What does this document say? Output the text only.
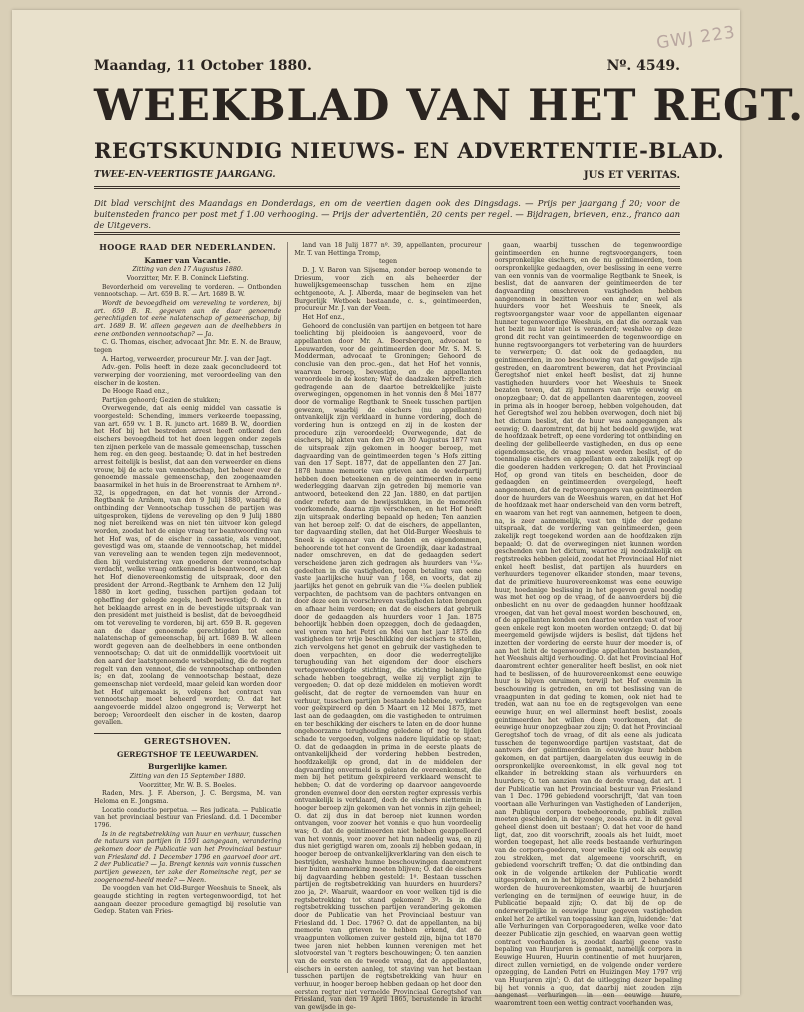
GWJ 223
Maandag, 11 October 1880.	Nº. 4549.
WEEKBLAD VAN HET REGT.
REGTSKUNDIG NIEUWS- EN ADVERTENTIE-BLAD.
TWEE-EN-VEERTIGSTE JAARGANG.	JUS ET VERITAS.
Dit blad verschijnt des Maandags en Donderdags, en om de veertien dagen ook des Dingsdags. — Prijs per jaargang ƒ 20; voor de buitensteden franco per post met ƒ 1.00 verhooging. — Prijs der advertentiën, 20 cents per regel. — Bijdragen, brieven, enz., franco aan de Uitgevers.
HOOGE RAAD DER NEDERLANDEN.
Kamer van Vacantie.

Zitting van den 17 Augustus 1880.

Voorzitter, Mr. F. B. Coninck Liefsting.

Bevorderheid om vereveling te vorderen. — Ontbonden vennootschap. — Art. 659 B. R. — Art. 1689 B. W.

Wordt de bevoegdheid om vereveling te vorderen, bij art. 659 B. R. gegeven aan de daar genoemde gerechtigden tot eene nalatenschap of gemeenschap, bij art. 1689 B. W. alleen gegeven aan de deelhebbers in eene ontbonden vennootschap? — Ja.

C. G. Thomas, eischer, advocaat Jhr. Mr. E. N. de Brauw, tegen

A. Hartog, verweerder, procureur Mr. J. van der Jagt.

Adv.-gen. Polis heeft in deze zaak geconcludeerd tot verwerping der voorziening, met veroordeeling van den eischer in de kosten.

De Hooge Raad enz.,

Partijen gehoord; Gezien de stukken;

Overwegende, dat als eenig middel van cassatie is voorgesteld: Schending, immers verkeerde toepassing, van art. 659 vv. 1 B. R. juncto art. 1689 B. W., doordien het Hof bij het bestreden arrest heeft ontkend den eischers bevoegdheid tot het doen leggen onder zegels ten zijnen perkele van de massale gemeenschap, tusschen hem reg. en den geeg. bestaande; O. dat in het bestreden arrest feitelijk is beslist, dat aan den verweerder en diens vrouw, bij de acte van vennootschap, het beheer over de genoemde massale gemeenschap, den zoogenaamden baasarmikel in het huis in de Broerenstraat te Arnhem nº. 32, is opgedragen, en dat het vonnis der Arrond.-Regtbank te Arnhem, van den 9 Julij 1880, waarbij de ontbinding der Vennootschap tusschen de partijen was uitgesproken, tijdens de vereveling op den 9 Julij 1880 nog niet bereikend was en niet ten uitvoer kon gelegd worden, zoodat het de enige vraag ter beantwoording van het Hof was, of de eischer in cassatie, als vennoot, gevestigd was om, staande de vennootschap, het middel van vereveling aan te wenden tegen zijn medevennoot, dien bij verduistering van goederen der vennootschap verdacht, welke vraag ontkennend is beantwoord, en dat het Hof dienovereenkomstig de uitspraak, door den president der Arrond.-Regtbank te Arnhem den 12 Julij 1880 in kort geding, tusschen partijen gedaan tot opheffing der gelegde zegels, heeft bevestigd; O. dat in het beklaagde arrest en in de bevestigde uitspraak van den president met juistheid is beslist, dat de bevoegdheid om tot vereveling te vorderen, bij art. 659 B. R. gegeven aan de daar genoemde gerechtigden tot eene nalatenschap of gemeenschap, bij art. 1689 B. W. alleen wordt gegeven aan de deelhebbers in eene ontbonden vennootschap; O. dat uit de onmiddellijk voortvloeit uit den aard der laatstgenoemde wetsbepaling, die de regten regelt van den vennoot, die de vennootschap ontbonden is; en dat, zoolang de vennootschap bestaat, deze gemeenschap niet verdeeld, maar geleid kan worden door het Hof uitgemaakt is, volgens het contract van vennootschap moet beheerd worden; O. dat het aangevoerde middel alzoo ongegrond is; Verwerpt het beroep; Veroordeelt den eischer in de kosten, daarop gevallen.

GEREGTSHOVEN.
GEREGTSHOF TE LEEUWARDEN.
Burgerlijke kamer.

Zitting van den 15 September 1880.

Voorzitter, Mr. W. B. S. Boeles.

Raden, Mrs. J. F. Aberson, J. C. Bergsma, M. van Heloma en E. Jongsma.

Locatio conductio perpetua. — Res judicata. — Publicatie van het provinciaal bestuur van Friesland. d.d. 1 December 1796.

Is in de regtsbetrekking van huur en verhuur, tusschen de natuurs van partijen in 1591 aangegaan, verandering gekomen door de Publicatie van het Provinciaal bestuur van Friesland dd. 1 December 1796 en gaarvoel door art. 2 der Publicatie? — Ja. Brengt kennis van vonnis tusschen partijen gewezen, ter zake der Romeinsche regt, per se zoogenoemd-heeld mede? — Neen.

De voogden van het Old-Burger Weeshuis te Sneek, als geaugde stichting in regten vertegenwoordigd, tot het aangaan deezer procedure gemagtigd bij resolutie van Gedep. Staten van Fries-

land van 18 Julij 1877 nº. 39, appellanten, procureur Mr. T. van Hettinga Tromp,

tegen

D. J. V. Baron van Sijsema, zonder beroep wonende te Driesum, voor zich en als beheerder der huwelijksgemeenschap tusschen hem en zijne echtgenoote, A. J. Alberda, maar de beginselen van het Burgerlijk Wetboek bestaande, c. s., geintimeerden, procureur Mr. J. van der Veen.

Het Hof enz.,

Gehoord de conclusiën van partijen en betgeen tot hare toelichting bij pleidooien is aangevoerd, voor de appellanten door Mr. A. Boersbergen, advocaat te Leeuwarden, voor de geintimeerden door Mr. S. M. S. Modderman, advocaat te Groningen; Gehoord de conclusie van den proc.-gen., dat het Hof het vonnis, waarvan beroep, bevestige, en de appellanten veroordeele in de kosten; Wat de daadzaken betreft: zich gedragende aan de daartoe betrekkelijke juiste overwegingen, opgenomen in het vonnis den 8 Mei 1877 door de vormalige Regtbank te Sneek tusschen partijen gewezen, waarbij de eischers (nu appellanten) ontvankelijk zijn verklaard in hunne vordering, doch de vordering hun is ontzegd en zij in de kosten der procedure zijn veroordeeld; Overwegende, dat de eischers, bij akten van den 29 en 30 Augustus 1877 van de uitspraak zijn gekomen in hooger beroep, met dagvaarding van de geintimeerden tegen 's Hofs zitting van den 17 Sept. 1877, dat de appellanten den 27 Jan. 1878 hunne memorie van grieven aan de wederpartij hebben doen beteekenen en de geintimeerden in eene wederlegging daarvan zijn getreden bij memorie van antwoord, beteekend den 22 Jan. 1880, en dat partijen onder referte aan de bewijsstukken, in de memoriën voorkomende, daarna zijn verschenen, en het Hof heeft zijn uitspraak onderling bepaald op heden; Ten aanzien van het beroep zelf: O. dat de eischers, de appellanten, ter dagvaarding stellen, dat het Old-Burger Weeshuis te Sneek is eigenaar van de landen en eigendommen, behoorende tot het convent de Groendijk, daar kadastraal nader omschreven, en dat de gedaagden sedert verscheidene jaren zich gedragen als huurders van ¹⁷⁄₄₀ gedeelten in die vastigheden, tegen betaling van eene vaste jaarlijksche huur van ƒ 168, en voorts, dat zij jaarlijks het genot en gebruik van die ¹⁷⁄₄₀ deelen publiek verpachten, de pachtsom van de pachters ontvangen en door deze een in voorschreven vastigheden laten brengen en afhaar heim verdoen; en dat de eischers dat gebruik door de gedaagden als huurders voor 1 Jan. 1875 behoorlijk hebben doen opzeggen, doch de gedaagden, wel voren van het Petri en Mei van het jaar 1875 die vastigheden ter vrije beschikking der eischers te stellen, zich vervolgens het genot en gebruik der vastigheden te doen verpachten, en door die wederregtelijke terughouding van het eigendom der door eischers vertegenwoordigde stichting, die stichting belangrijke schade hebben toegebragt, welke zij verpligt zijn te vergoeden; O. dat op deze middelen en motieven wordt geëischt, dat de regter de vernoemden van huur en verhuur, tusschen partijen bestaande hebbende, verklare voor geëxpireerd op den 5 Maart en 12 Mei 1875, met last aan de gedaagden, om die vastigheden te ontruimen en ter beschikking der eischers te laten en de door hunne ongehoorzame terughouding geledene of nog te lijden schade te vergoeden, volgens nadere liquidatie op staat; O. dat de gedaagden in prima in de eerste plaats de ontvankelijkheid der vordering hebben bestreden, hoofdzakelijk op grond, dat in de middelen der dagvaarding onvermeld is gelaten de overeenkomst, die men bij het petitum geëxpireerd verklaard wenscht te hebben; O. dat de vordering op daarvoor aangevoerde gronden evenwel door den eersten regter expressis verbis ontvankelijk is verklaard, doch de eischers niettemin in hooger beroep zijn gekomen van het vonnis in zijn geheel; O. dat zij dus in dat beroep niet kunnen worden ontvangen, voor zoover het vonnis e quo hun voordeelig was; O. dat de geintimeerden niet hebben geappelleerd van het vonnis, voor zoover het hun nadeelig was, en zij dus niet gerigtigd waren om, zooals zij hebben gedaan, in hooger beroep de ontvankelijkverklaring van den eisch te bestrijden, weshalve hunne beschouwingen daaromtrent hier buiten aanmerking moeten blijven; O. dat de eischers bij dagvaarding hebben gesteld: 1º. Bestaan tusschen partijen de regtsbetrekking van huurders en huurders? zoo ja, 2º. Waaruit, waardoor en voor welken tijd is die regtsbetrekking tot stand gekomen? 3º. Is in die regtsbetrekking tusschen partijen verandering gekomen door de Publicatie van het Provinciaal bestuur van Friesland dd. 1 Dec. 1796? O. dat de appellanten, na bij memorie van grieven te hebben erkend, dat de vraagpunten volkomen zuiver gesteld zijn, bijna tot 1870 twee jaren niet hebben kunnen verenigen met het slotvoorstel van 't regters beschouwingen; O. ten aanzien van de eerste en de tweede vraag, dat de appellanten, eischers in eersten aanleg, tot staving van het bestaan tusschen partijen de regtsbetrekking van huur en verhuur, in hooger beroep hebben gedaan op het door den eersten regter niet vermelde Provinciaal Geregtshof van Friesland, van den 19 April 1865, berustende in kracht van gewijsde in ge-

gaan, waarbij tusschen de tegenwoordige geintimeerden en hunne regtsvoorgangers, toen oorspronkelijke eischers, en de nu geintimeerden, toen oorspronkelijke gedaagden, over beslissing in eene verre van een vonnis van de voormalige Regtbank te Sneek, is beslist, dat de aanvaren der geintimeerden de ter dagvaarding omschreven vastigheden hebben aangenomen in bezitten voor een ander, en wel als huurders voor het Weeshuis te Sneek, als regtsvoorgangster waar voor de appellanten eigenaar hunner tegenwoordige Weeshuis, en dat die oorzaak van het bezit nu later niet is veranderd; weshalve op deze grond dit recht van geintimeerden de tegenwoordige en hunne regtsvoorgangers tot verbetering van de huurders te verwerpen; O. dat ook de gedaagden, nu geintimeerden, in zoo beschouwing van dat gewijsde zijn gestreden, en daaromtrent beweren, dat het Provinciaal Geregtshof niet enkel heeft beslist, dat zij hunne vastigheden huurders voor het Weeshuis te Sneek bezaten teven, dat zij hunners van vrije eeuwig en onopzegbaar; O. dat de appellanten daarentegen, zooveel in prima als in hooger beroep, hebben volgehouden, dat het Geregtshof wel zou hebben overwogen, doch niet bij het dictum beslist, dat de huur was aangegangen als eeuwig; O. daaromtrent, dat bij het bedoeld gewijde, wat de hoofdzaak betreft, op eene vordering tot ontbinding en deeling der gelibelleerde vastigheden, en dus op eene eigendomsactie, de vraag moest worden beslist, of de toenmalige eischers en appellanten een zakelijk regt op die goederen hadden verkregen; O. dat het Provinciaal Hof, op grond van titels en bescheiden, door de gedaagden en geintimeerden overgelegd, heeft aangenomen, dat de regtsvoorgangers van geintimeerden door de huurders van de Weeshuis waren, en dat het Hof de hoofdzaak met haar onderscheid van den vorm betreft, en waarom van het regt van aannemen, hetgeen te doen, na, is zeer aannemelijk, vast ten tijde der gedane uitspraak, dat de vordering van geintimeerden, geen zakelijk regt toegekend worden aan de hoofdzaken zijn bepaald; O. dat de overwegingen niet kunnen worden geschenden van het dictum, waartoe zij noodzakelijk en regtstreeks hebben geleid, zoodat het Provinciaal Hof niet enkel heeft beslist, dat partijen als huurders en verhuurders tegenover elkander stonden, maar tevens, dat de primitieve huurovereenkomst was eene eeuwige huur, hoedanige beslissing in het gegeven geval noodig was met het oog op de vraag, of de aanvoerders bij die onbeslicht en nu over de gedaagden hunner hoofdzaak vroegen, dat van het geval moest worden beschouwd, en, of de appellanten konden een daartoe worden vast of voor geen enkele regt kon moeten worden ontzegd; O. dat bij meergemeld gewijsde wijders is beslist, dat tijdens het inzetten der vordering de eerste huur der moeder is, of aan het licht de tegenwoordige appellanten bestaanden, het Weeshuis altijd verhouding. O. dat het Provinciaal Hof daaromtrent echter generaliter heeft beslist, en ook niet had te beslissen, of de huurovereenkomst eene eeuwige huur is bijven onruimen, terwijl het Hof evenmin in beschouwing is getreden, en om tot beslissing van de vraagpunten in dat geding te komen, ook niet had te treden, wat aan nu toe en de regtsgevolgen van eene eeuwige huur, en wel allerminst heeft beslist, zooals geintimeerden het willen doen voorkomen, dat de eeuwige huur onopzegbaar zou zijn; O. dat het Provinciaal Geregtshof toch de vraag, of dit als eene als judicata tusschen de tegenwoordige partijen vaststaat, dat de aantvers der geintimeerden in eeuwige huur hebben gekomen, en dat partijen, daargelaten dus eeuwig in de oorspronkelijke overeenkomst, in elk geval nog tot elkander in betrekking staan als verhuurders en huurders; O. ten aanzien van de derde vraag, dat art. 1 der Publicatie van het Provinciaal bestuur van Friesland van 1 Dec. 1796 gebiedend voorschrijft, 'dat van toen voortaan alle Verhuringen van Vastigheden of Landerijen, aan Publique corpora toebehoorende, publiek zullen moeten geschieden, in der voege, zooals enz. in dit geval geheel dienst doen uit bestaan'; O. dat het voor de hand ligt, dat, zoo dit voorschrift, zooals als het luidt, moet worden toegepast, het alle reeds bestaande verhuringen van de corpora-goederen, voor welke tijd ook als eeuwig zou strekken, met dat algemeene voorschrift, en gebiedend voorschrift treffen; O. dat die ontbinding dan ook in de volgende artikelen der Publicatie wordt uitgesproken, en in het bijzonder als in art. 2 behandeld worden de huurovereenkomsten, waarbij de huurjaren verlenging en de termijnen of eeuwige huur, in de Publicatie bepaald zijn; O. dat bij de op de onderwerpelijke in eeuwige huur gegeven vastigheden enkel het 2e artikel van toepassing kan zijn, luidende: 'dat alle Verhuringen van Corporagoederen, welke voor dato deezer Publicatie zijn geschied, en waarvan geen wettig contract voorhanden is, zoodat daarbij geene vaste bepaling van Huurjaren is gemaakt, namelijk corpora in Eeuwige Huuren, Huurin continentie of met huurjaren, direct zullen vernietigd, en de volgende onder verdere opzegging, de Landen Petri en Huizingen Mey 1797 vrij van Huurjaren zijn'; O. dat de uitlegging dezer bepaling bij het vonnis a quo, dat daarbij niet zouden zijn aangenast verhuringen in een eeuwige huure, waaromtrent toen een wettig contract voorhanden was,
